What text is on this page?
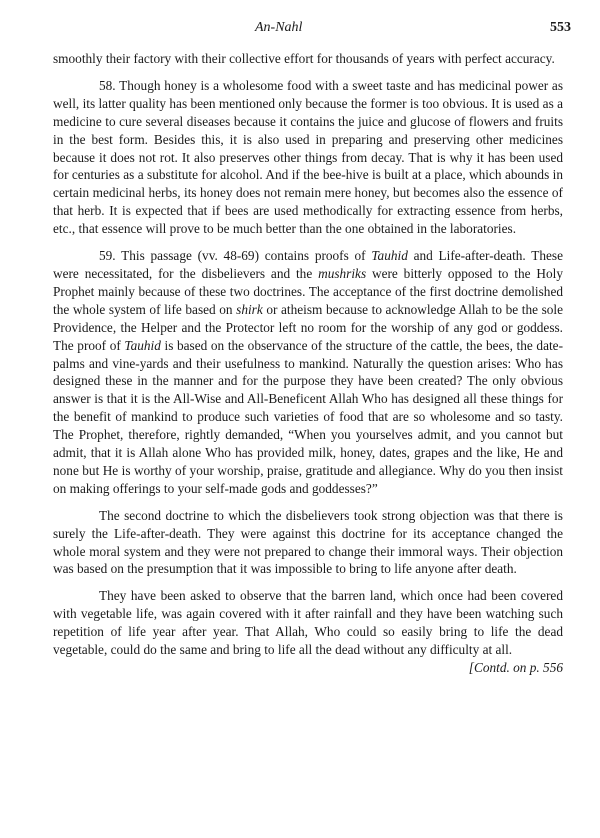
An-Nahl	553

smoothly their factory with their collective effort for thousands of years with perfect accuracy.

58. Though honey is a wholesome food with a sweet taste and has medicinal power as well, its latter quality has been mentioned only because the former is too obvious. It is used as a medicine to cure several diseases because it contains the juice and glucose of flowers and fruits in the best form. Besides this, it is also used in preparing and preserving other medicines because it does not rot. It also preserves other things from decay. That is why it has been used for centuries as a substitute for alcohol. And if the bee-hive is built at a place, which abounds in certain medicinal herbs, its honey does not remain mere honey, but becomes also the essence of that herb. It is expected that if bees are used methodically for extracting essence from herbs, etc., that essence will prove to be much better than the one obtained in the laboratories.

59. This passage (vv. 48-69) contains proofs of Tauhid and Life-after-death. These were necessitated, for the disbelievers and the mushriks were bitterly opposed to the Holy Prophet mainly because of these two doctrines. The acceptance of the first doctrine demolished the whole system of life based on shirk or atheism because to acknowledge Allah to be the sole Providence, the Helper and the Protector left no room for the worship of any god or goddess. The proof of Tauhid is based on the observance of the structure of the cattle, the bees, the date-palms and vine-yards and their usefulness to mankind. Naturally the question arises: Who has designed these in the manner and for the purpose they have been created? The only obvious answer is that it is the All-Wise and All-Beneficent Allah Who has designed all these things for the benefit of mankind to produce such varieties of food that are so wholesome and so tasty. The Prophet, therefore, rightly demanded, “When you yourselves admit, and you cannot but admit, that it is Allah alone Who has provided milk, honey, dates, grapes and the like, He and none but He is worthy of your worship, praise, gratitude and allegiance. Why do you then insist on making offerings to your self-made gods and goddesses?”

The second doctrine to which the disbelievers took strong objection was that there is surely the Life-after-death. They were against this doctrine for its acceptance changed the whole moral system and they were not prepared to change their immoral ways. Their objection was based on the presumption that it was impossible to bring to life anyone after death.

They have been asked to observe that the barren land, which once had been covered with vegetable life, was again covered with it after rainfall and they have been watching such repetition of life year after year. That Allah, Who could so easily bring to life the dead vegetable, could do the same and bring to life all the dead without any difficulty at all.
[Contd. on p. 556
